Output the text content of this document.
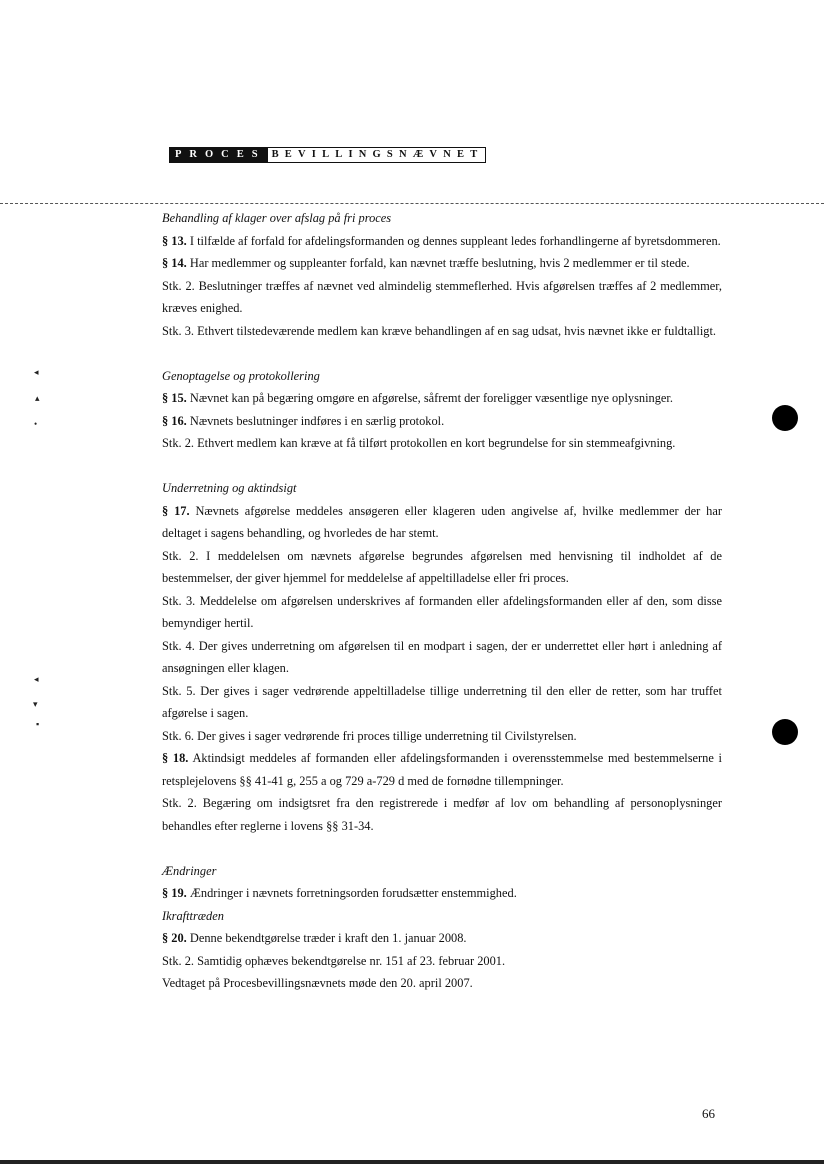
PROCES BEVILLINGSNÆVNET

Behandling af klager over afslag på fri proces

§ 13. I tilfælde af forfald for afdelingsformanden og dennes suppleant ledes forhandlingerne af byretsdommeren.

§ 14. Har medlemmer og suppleanter forfald, kan nævnet træffe beslutning, hvis 2 medlemmer er til stede.

Stk. 2. Beslutninger træffes af nævnet ved almindelig stemmeflerhed. Hvis afgørelsen træffes af 2 medlemmer, kræves enighed.

Stk. 3. Ethvert tilstedeværende medlem kan kræve behandlingen af en sag udsat, hvis nævnet ikke er fuldtalligt.

Genoptagelse og protokollering

§ 15. Nævnet kan på begæring omgøre en afgørelse, såfremt der foreligger væsentlige nye oplysninger.

§ 16. Nævnets beslutninger indføres i en særlig protokol.

Stk. 2. Ethvert medlem kan kræve at få tilført protokollen en kort begrundelse for sin stemmeafgivning.

Underretning og aktindsigt

§ 17. Nævnets afgørelse meddeles ansøgeren eller klageren uden angivelse af, hvilke medlemmer der har deltaget i sagens behandling, og hvorledes de har stemt.

Stk. 2. I meddelelsen om nævnets afgørelse begrundes afgørelsen med henvisning til indholdet af de bestemmelser, der giver hjemmel for meddelelse af appeltilladelse eller fri proces.

Stk. 3. Meddelelse om afgørelsen underskrives af formanden eller afdelingsformanden eller af den, som disse bemyndiger hertil.

Stk. 4. Der gives underretning om afgørelsen til en modpart i sagen, der er underrettet eller hørt i anledning af ansøgningen eller klagen.

Stk. 5. Der gives i sager vedrørende appeltilladelse tillige underretning til den eller de retter, som har truffet afgørelse i sagen.

Stk. 6. Der gives i sager vedrørende fri proces tillige underretning til Civilstyrelsen.

§ 18. Aktindsigt meddeles af formanden eller afdelingsformanden i overensstemmelse med bestemmelserne i retsplejelovens §§ 41-41 g, 255 a og 729 a-729 d med de fornødne tillempninger.

Stk. 2. Begæring om indsigtsret fra den registrerede i medfør af lov om behandling af personoplysninger behandles efter reglerne i lovens §§ 31-34.

Ændringer

§ 19. Ændringer i nævnets forretningsorden forudsætter enstemmighed.

Ikrafttræden

§ 20. Denne bekendtgørelse træder i kraft den 1. januar 2008.

Stk. 2. Samtidig ophæves bekendtgørelse nr. 151 af 23. februar 2001.

Vedtaget på Procesbevillingsnævnets møde den 20. april 2007.

66
◂
▴
•
◂
▾
▪
